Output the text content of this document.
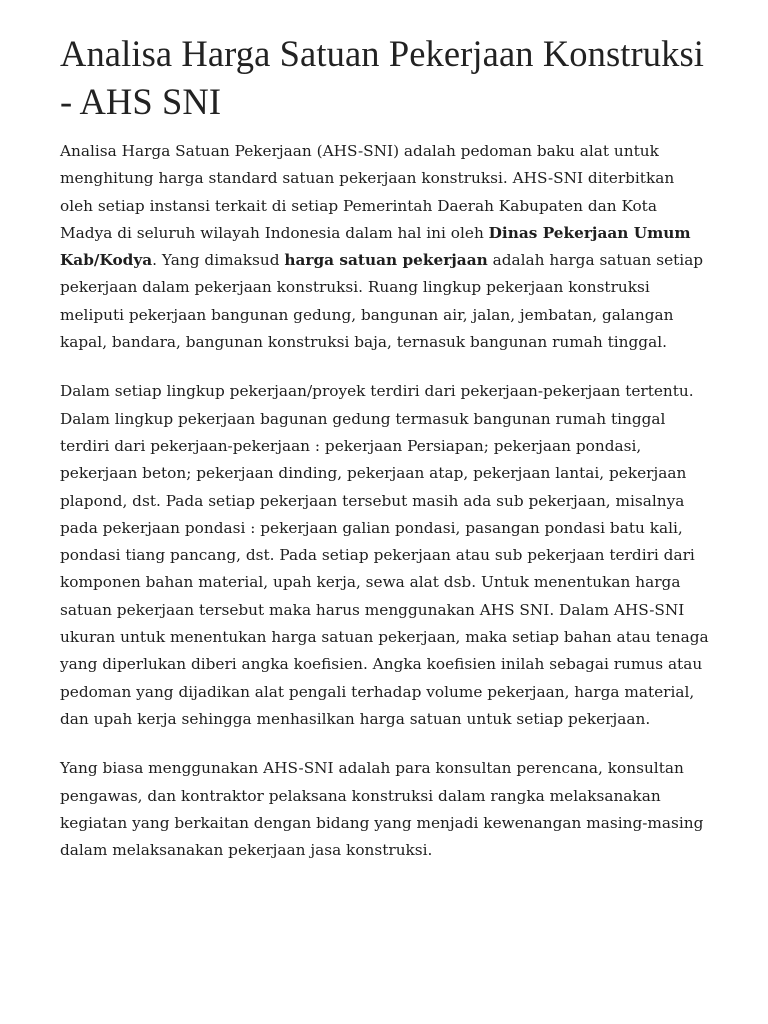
Analisa Harga Satuan Pekerjaan Konstruksi - AHS SNI

Analisa Harga Satuan Pekerjaan (AHS-SNI) adalah pedoman baku alat untuk menghitung harga standard satuan pekerjaan konstruksi. AHS-SNI diterbitkan oleh setiap instansi terkait di setiap Pemerintah Daerah Kabupaten dan Kota Madya di seluruh wilayah Indonesia dalam hal ini oleh Dinas Pekerjaan Umum Kab/Kodya. Yang dimaksud harga satuan pekerjaan adalah harga satuan setiap pekerjaan dalam pekerjaan konstruksi. Ruang lingkup pekerjaan konstruksi meliputi pekerjaan bangunan gedung, bangunan air, jalan, jembatan, galangan kapal, bandara, bangunan konstruksi baja, ternasuk bangunan rumah tinggal.

Dalam setiap lingkup pekerjaan/proyek terdiri dari pekerjaan-pekerjaan tertentu. Dalam lingkup pekerjaan bagunan gedung termasuk bangunan rumah tinggal terdiri dari pekerjaan-pekerjaan : pekerjaan Persiapan; pekerjaan pondasi, pekerjaan beton; pekerjaan dinding, pekerjaan atap, pekerjaan lantai, pekerjaan plapond, dst. Pada setiap pekerjaan tersebut masih ada sub pekerjaan, misalnya pada pekerjaan pondasi : pekerjaan galian pondasi, pasangan pondasi batu kali, pondasi tiang pancang, dst. Pada setiap pekerjaan atau sub pekerjaan terdiri dari komponen bahan material, upah kerja, sewa alat dsb. Untuk menentukan harga satuan pekerjaan tersebut maka harus menggunakan AHS SNI. Dalam AHS-SNI ukuran untuk menentukan harga satuan pekerjaan, maka setiap bahan atau tenaga yang diperlukan diberi angka koefisien. Angka koefisien inilah sebagai rumus atau pedoman yang dijadikan alat pengali terhadap volume pekerjaan, harga material, dan upah kerja sehingga menhasilkan harga satuan untuk setiap pekerjaan.

Yang biasa menggunakan AHS-SNI adalah para konsultan perencana, konsultan pengawas, dan kontraktor pelaksana konstruksi dalam rangka melaksanakan kegiatan yang berkaitan dengan bidang yang menjadi kewenangan masing-masing dalam melaksanakan pekerjaan jasa konstruksi.
